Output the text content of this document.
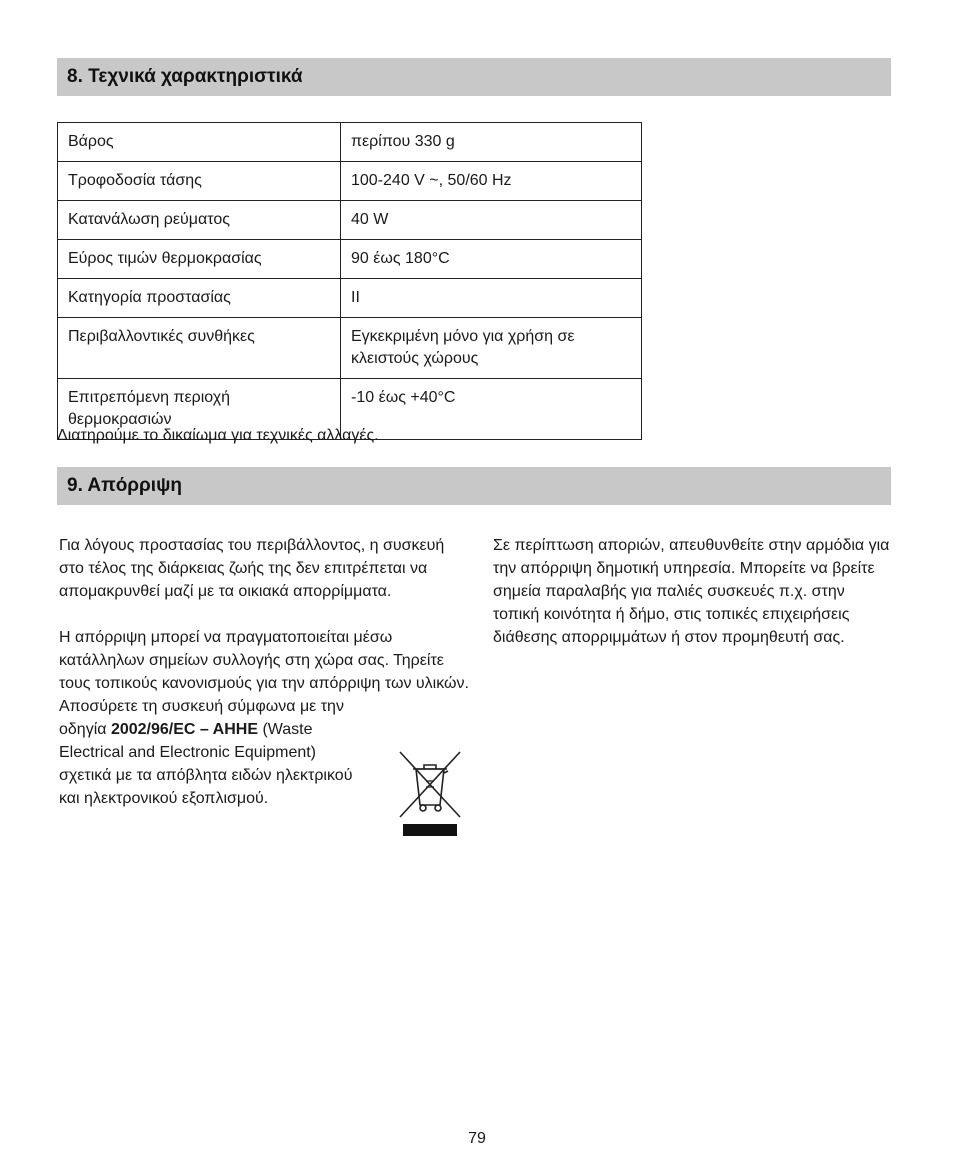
8. Τεχνικά χαρακτηριστικά
Βάρος	περίπου 330 g
Τροφοδοσία τάσης	100-240 V ~, 50/60 Hz
Κατανάλωση ρεύματος	40 W
Εύρος τιμών θερμοκρασίας	90 έως 180°C
Κατηγορία προστασίας	II
Περιβαλλοντικές συνθήκες	Εγκεκριμένη μόνο για χρήση σε κλειστούς χώρους
Επιτρεπόμενη περιοχή θερμοκρασιών	-10 έως +40°C
Διατηρούμε το δικαίωμα για τεχνικές αλλαγές.
9. Απόρριψη

Για λόγους προστασίας του περιβάλλοντος, η συσκευή στο τέλος της διάρκειας ζωής της δεν επιτρέπεται να απομακρυνθεί μαζί με τα οικιακά απορρίμματα.

Η απόρριψη μπορεί να πραγματοποιείται μέσω κατάλληλων σημείων συλλογής στη χώρα σας. Τηρείτε τους τοπικούς κανονισμούς για την απόρριψη των υλικών.

Αποσύρετε τη συσκευή σύμφωνα με την οδηγία 2002/96/EC – AHHE (Waste Electrical and Electronic Equipment) σχετικά με τα απόβλητα ειδών ηλεκτρικού και ηλεκτρονικού εξοπλισμού.

Σε περίπτωση αποριών, απευθυνθείτε στην αρμόδια για την απόρριψη δημοτική υπηρεσία. Μπορείτε να βρείτε σημεία παραλαβής για παλιές συσκευές π.χ. στην τοπική κοινότητα ή δήμο, στις τοπικές επιχειρήσεις διάθεσης απορριμμάτων ή στον προμηθευτή σας.

79
